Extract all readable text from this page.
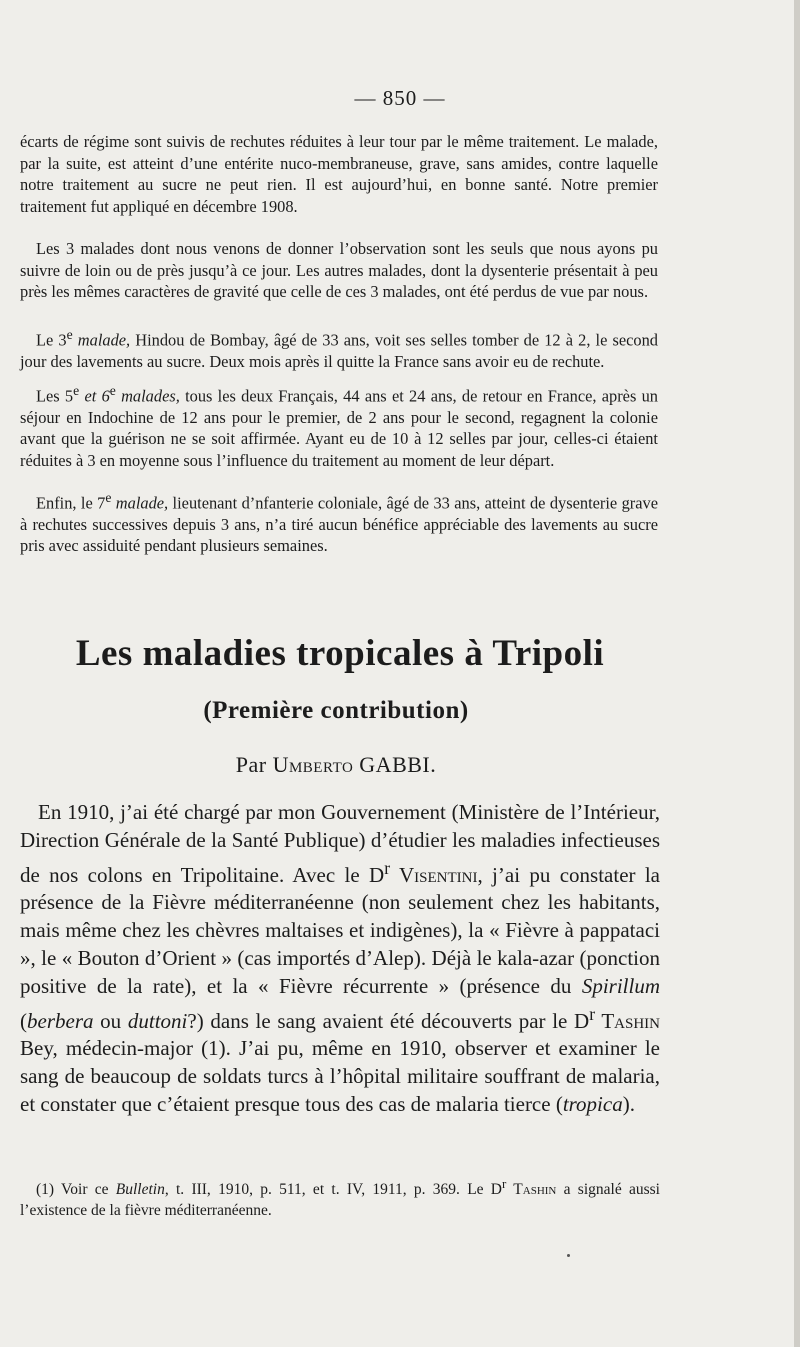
— 850 —

écarts de régime sont suivis de rechutes réduites à leur tour par le même traitement. Le malade, par la suite, est atteint d’une entérite nuco-membraneuse, grave, sans amides, contre laquelle notre traitement au sucre ne peut rien. Il est aujourd’hui, en bonne santé. Notre premier traitement fut appliqué en décembre 1908.

Les 3 malades dont nous venons de donner l’observation sont les seuls que nous ayons pu suivre de loin ou de près jusqu’à ce jour. Les autres malades, dont la dysenterie présentait à peu près les mêmes caractères de gravité que celle de ces 3 malades, ont été perdus de vue par nous.

Le 3e malade, Hindou de Bombay, âgé de 33 ans, voit ses selles tomber de 12 à 2, le second jour des lavements au sucre. Deux mois après il quitte la France sans avoir eu de rechute.

Les 5e et 6e malades, tous les deux Français, 44 ans et 24 ans, de retour en France, après un séjour en Indochine de 12 ans pour le premier, de 2 ans pour le second, regagnent la colonie avant que la guérison ne se soit affirmée. Ayant eu de 10 à 12 selles par jour, celles-ci étaient réduites à 3 en moyenne sous l’influence du traitement au moment de leur départ.

Enfin, le 7e malade, lieutenant d’nfanterie coloniale, âgé de 33 ans, atteint de dysenterie grave à rechutes successives depuis 3 ans, n’a tiré aucun bénéfice appréciable des lavements au sucre pris avec assiduité pendant plusieurs semaines.

Les maladies tropicales à Tripoli
(Première contribution)
Par Umberto GABBI.

En 1910, j’ai été chargé par mon Gouvernement (Ministère de l’Intérieur, Direction Générale de la Santé Publique) d’étudier les maladies infectieuses de nos colons en Tripolitaine. Avec le $D^r$ Visentini, j’ai pu constater la présence de la Fièvre méditerranéenne (non seulement chez les habitants, mais même chez les chèvres maltaises et indigènes), la « Fièvre à pappataci », le « Bouton d’Orient » (cas importés d’Alep). Déjà le kala-azar (ponction positive de la rate), et la « Fièvre récurrente » (présence du Spirillum (berbera ou duttoni?) dans le sang avaient été découverts par le $D^r$ Tashin Bey, médecin-major (1). J’ai pu, même en 1910, observer et examiner le sang de beaucoup de soldats turcs à l’hôpital militaire souffrant de malaria, et constater que c’étaient presque tous des cas de malaria tierce (tropica).

(1) Voir ce Bulletin, t. III, 1910, p. 511, et t. IV, 1911, p. 369. Le $D^r$ Tashin a signalé aussi l’existence de la fièvre méditerranéenne.
